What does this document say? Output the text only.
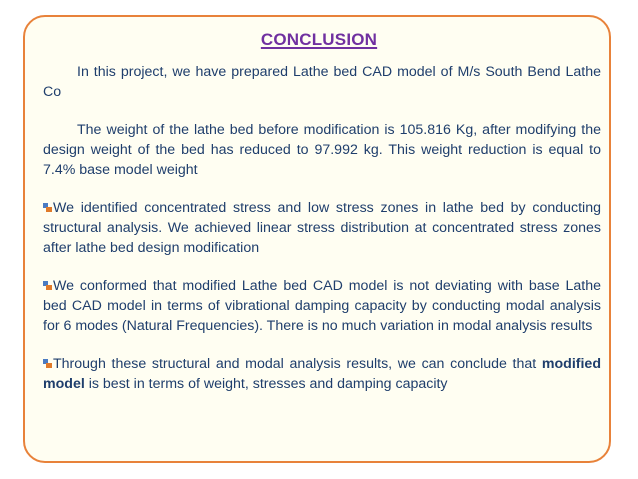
CONCLUSION

In this project, we have prepared Lathe bed CAD model of M/s South Bend Lathe Co

The weight of the lathe bed before modification is 105.816 Kg, after modifying the design weight of the bed has reduced to 97.992 kg. This weight reduction is equal to 7.4% base model weight

We identified concentrated stress and low stress zones in lathe bed by conducting structural analysis. We achieved linear stress distribution at concentrated stress zones after lathe bed design modification

We conformed that modified Lathe bed CAD model is not deviating with base Lathe bed CAD model in terms of vibrational damping capacity by conducting modal analysis for 6 modes (Natural Frequencies). There is no much variation in modal analysis results

Through these structural and modal analysis results, we can conclude that modified model is best in terms of weight, stresses and damping capacity
